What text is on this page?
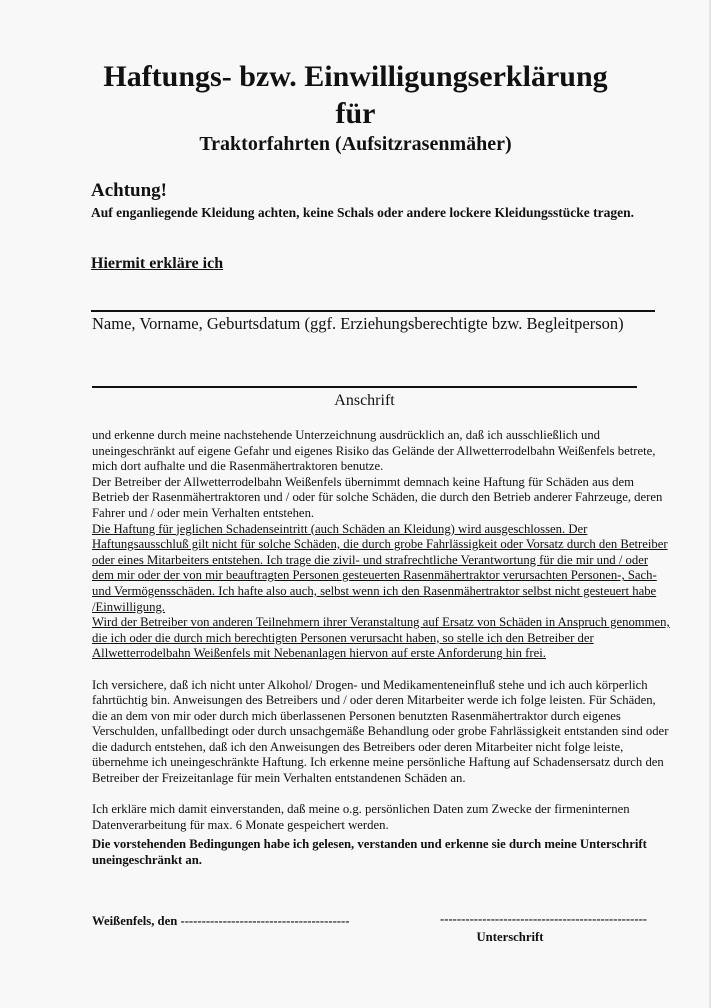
Haftungs- bzw. Einwilligungserklärung
für
Traktorfahrten (Aufsitzrasenmäher)
Achtung!
Auf enganliegende Kleidung achten, keine Schals oder andere lockere Kleidungsstücke tragen.
Hiermit erkläre ich
Name, Vorname, Geburtsdatum (ggf. Erziehungsberechtigte bzw. Begleitperson)
Anschrift

und erkenne durch meine nachstehende Unterzeichnung ausdrücklich an, daß ich ausschließlich und uneingeschränkt auf eigene Gefahr und eigenes Risiko das Gelände der Allwetterrodelbahn Weißenfels betrete, mich dort aufhalte und die Rasenmähertraktoren benutze.

Der Betreiber der Allwetterrodelbahn Weißenfels übernimmt demnach keine Haftung für Schäden aus dem Betrieb der Rasenmähertraktoren und / oder für solche Schäden, die durch den Betrieb anderer Fahrzeuge, deren Fahrer und / oder mein Verhalten entstehen.

Die Haftung für jeglichen Schadenseintritt (auch Schäden an Kleidung) wird ausgeschlossen. Der Haftungsausschluß gilt nicht für solche Schäden, die durch grobe Fahrlässigkeit oder Vorsatz durch den Betreiber oder eines Mitarbeiters entstehen. Ich trage die zivil- und strafrechtliche Verantwortung für die mir und / oder dem mir oder der von mir beauftragten Personen gesteuerten Rasenmähertraktor verursachten Personen-, Sach- und Vermögensschäden. Ich hafte also auch, selbst wenn ich den Rasenmähertraktor selbst nicht gesteuert habe /Einwilligung.

Wird der Betreiber von anderen Teilnehmern ihrer Veranstaltung auf Ersatz von Schäden in Anspruch genommen, die ich oder die durch mich berechtigten Personen verursacht haben, so stelle ich den Betreiber der Allwetterrodelbahn Weißenfels mit Nebenanlagen hiervon auf erste Anforderung hin frei.

Ich versichere, daß ich nicht unter Alkohol/ Drogen- und Medikamenteneinfluß stehe und ich auch körperlich fahrtüchtig bin. Anweisungen des Betreibers und / oder deren Mitarbeiter werde ich folge leisten. Für Schäden, die an dem von mir oder durch mich überlassenen Personen benutzten Rasenmähertraktor durch eigenes Verschulden, unfallbedingt oder durch unsachgemäße Behandlung oder grobe Fahrlässigkeit entstanden sind oder die dadurch entstehen, daß ich den Anweisungen des Betreibers oder deren Mitarbeiter nicht folge leiste, übernehme ich uneingeschränkte Haftung. Ich erkenne meine persönliche Haftung auf Schadensersatz durch den Betreiber der Freizeitanlage für mein Verhalten entstandenen Schäden an.

Ich erkläre mich damit einverstanden, daß meine o.g. persönlichen Daten zum Zwecke der firmeninternen Datenverarbeitung für max. 6 Monate gespeichert werden.

Die vorstehenden Bedingungen habe ich gelesen, verstanden und erkenne sie durch meine Unterschrift uneingeschränkt an.
Weißenfels, den ----------------------------------------	-------------------------------------------------
Unterschrift
